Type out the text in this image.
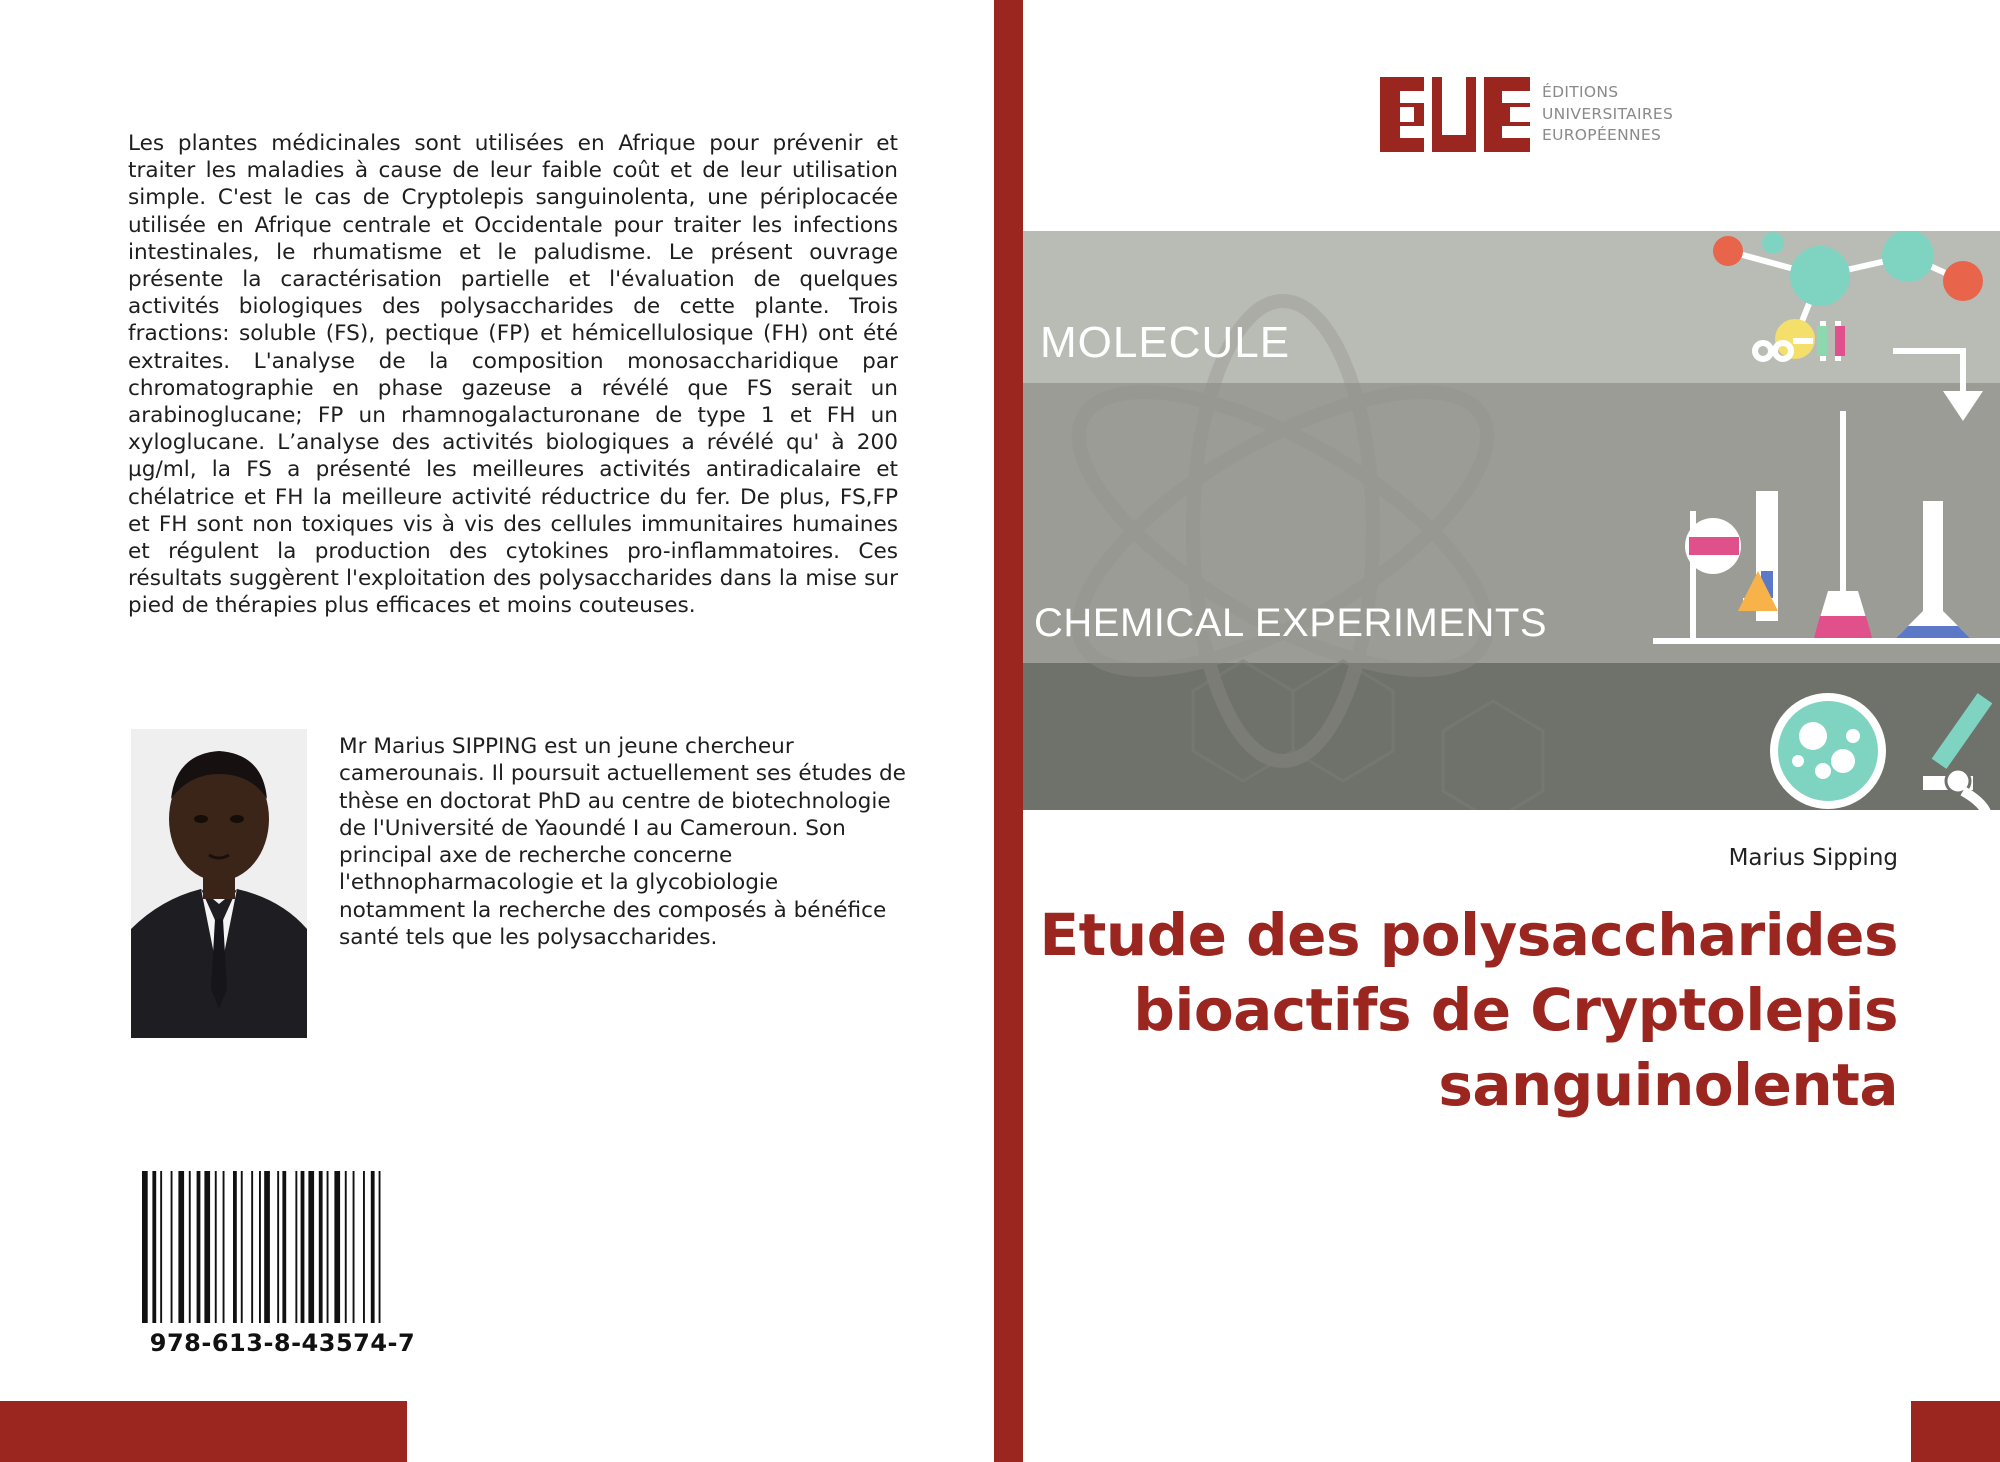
Les plantes médicinales sont utilisées en Afrique pour prévenir et traiter les maladies à cause de leur faible coût et de leur utilisation simple. C'est le cas de Cryptolepis sanguinolenta, une périplocacée utilisée en Afrique centrale et Occidentale pour traiter les infections intestinales, le rhumatisme et le paludisme. Le présent ouvrage présente la caractérisation partielle et l'évaluation de quelques activités biologiques des polysaccharides de cette plante. Trois fractions: soluble (FS), pectique (FP) et hémicellulosique (FH) ont été extraites. L'analyse de la composition monosaccharidique par chromatographie en phase gazeuse a révélé que FS serait un arabinoglucane; FP un rhamnogalacturonane de type 1 et FH un xyloglucane. L’analyse des activités biologiques a révélé qu' à 200 µg/ml, la FS a présenté les meilleures activités antiradicalaire et chélatrice et FH la meilleure activité réductrice du fer. De plus, FS,FP et FH sont non toxiques vis à vis des cellules immunitaires humaines et régulent la production des cytokines pro-inflammatoires. Ces résultats suggèrent l'exploitation des polysaccharides dans la mise sur pied de thérapies plus efficaces et moins couteuses.
Mr Marius SIPPING est un jeune chercheur camerounais. Il poursuit actuellement ses études de thèse en doctorat PhD au centre de biotechnologie de l'Université de Yaoundé I au Cameroun. Son principal axe de recherche concerne l'ethnopharmacologie et la glycobiologie notamment la recherche des composés à bénéfice santé tels que les polysaccharides.
978-613-8-43574-7
ÉDITIONS
UNIVERSITAIRES
EUROPÉENNES
MOLECULE
CHEMICAL EXPERIMENTS
Marius Sipping
Etude des polysaccharides bioactifs de Cryptolepis sanguinolenta
